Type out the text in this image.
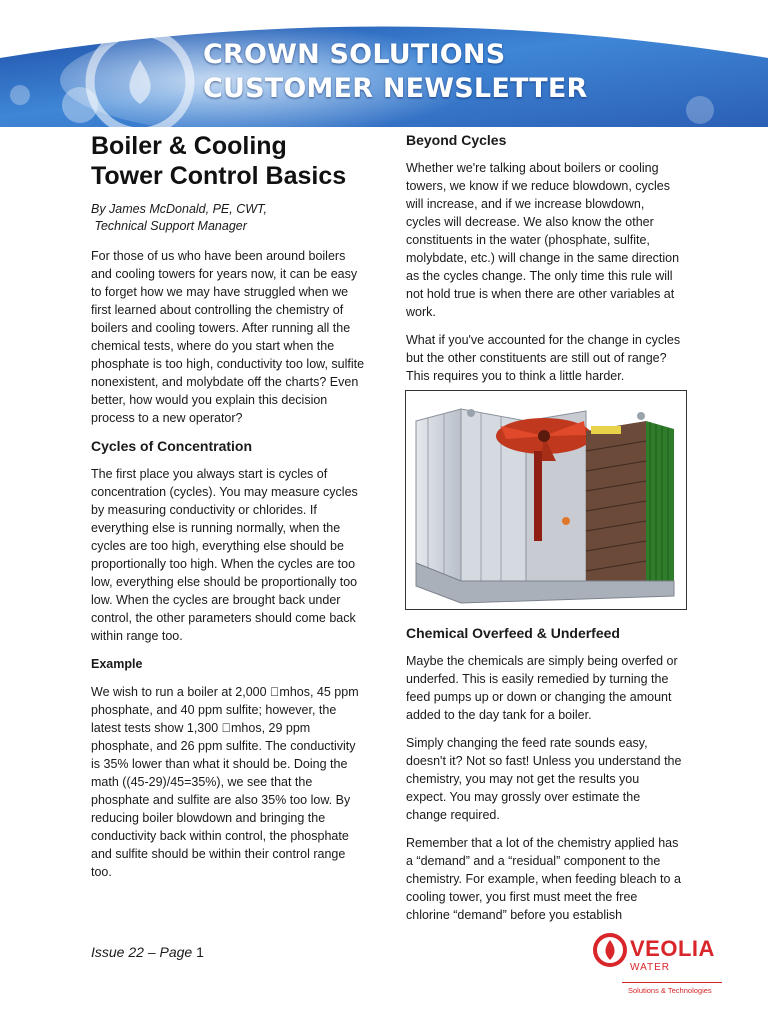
CROWN SOLUTIONS
CUSTOMER NEWSLETTER
Boiler & Cooling
Tower Control Basics
By James McDonald, PE, CWT,
Technical Support Manager

For those of us who have been around boilers and cooling towers for years now, it can be easy to forget how we may have struggled when we first learned about controlling the chemistry of boilers and cooling towers. After running all the chemical tests, where do you start when the phosphate is too high, conductivity too low, sulfite nonexistent, and molybdate off the charts? Even better, how would you explain this decision process to a new operator?

Cycles of Concentration

The first place you always start is cycles of concentration (cycles). You may measure cycles by measuring conductivity or chlorides. If everything else is running normally, when the cycles are too high, everything else should be proportionally too high. When the cycles are too low, everything else should be proportionally too low. When the cycles are brought back under control, the other parameters should come back within range too.

Example

We wish to run a boiler at 2,000 mhos, 45 ppm phosphate, and 40 ppm sulfite; however, the latest tests show 1,300 mhos, 29 ppm phosphate, and 26 ppm sulfite. The conductivity is 35% lower than what it should be. Doing the math ((45-29)/45=35%), we see that the phosphate and sulfite are also 35% too low. By reducing boiler blowdown and bringing the conductivity back within control, the phosphate and sulfite should be within their control range too.

Beyond Cycles

Whether we're talking about boilers or cooling towers, we know if we reduce blowdown, cycles will increase, and if we increase blowdown, cycles will decrease. We also know the other constituents in the water (phosphate, sulfite, molybdate, etc.) will change in the same direction as the cycles change. The only time this rule will not hold true is when there are other variables at work.

What if you've accounted for the change in cycles but the other constituents are still out of range? This requires you to think a little harder.

Chemical Overfeed & Underfeed

Maybe the chemicals are simply being overfed or underfed. This is easily remedied by turning the feed pumps up or down or changing the amount added to the day tank for a boiler.

Simply changing the feed rate sounds easy, doesn't it? Not so fast! Unless you understand the chemistry, you may not get the results you expect. You may grossly over estimate the change required.

Remember that a lot of the chemistry applied has a “demand” and a “residual” component to the chemistry. For example, when feeding bleach to a cooling tower, you first must meet the free chlorine “demand” before you establish

Issue 22 – Page 1	VEOLIA
WATER
Solutions & Technologies
